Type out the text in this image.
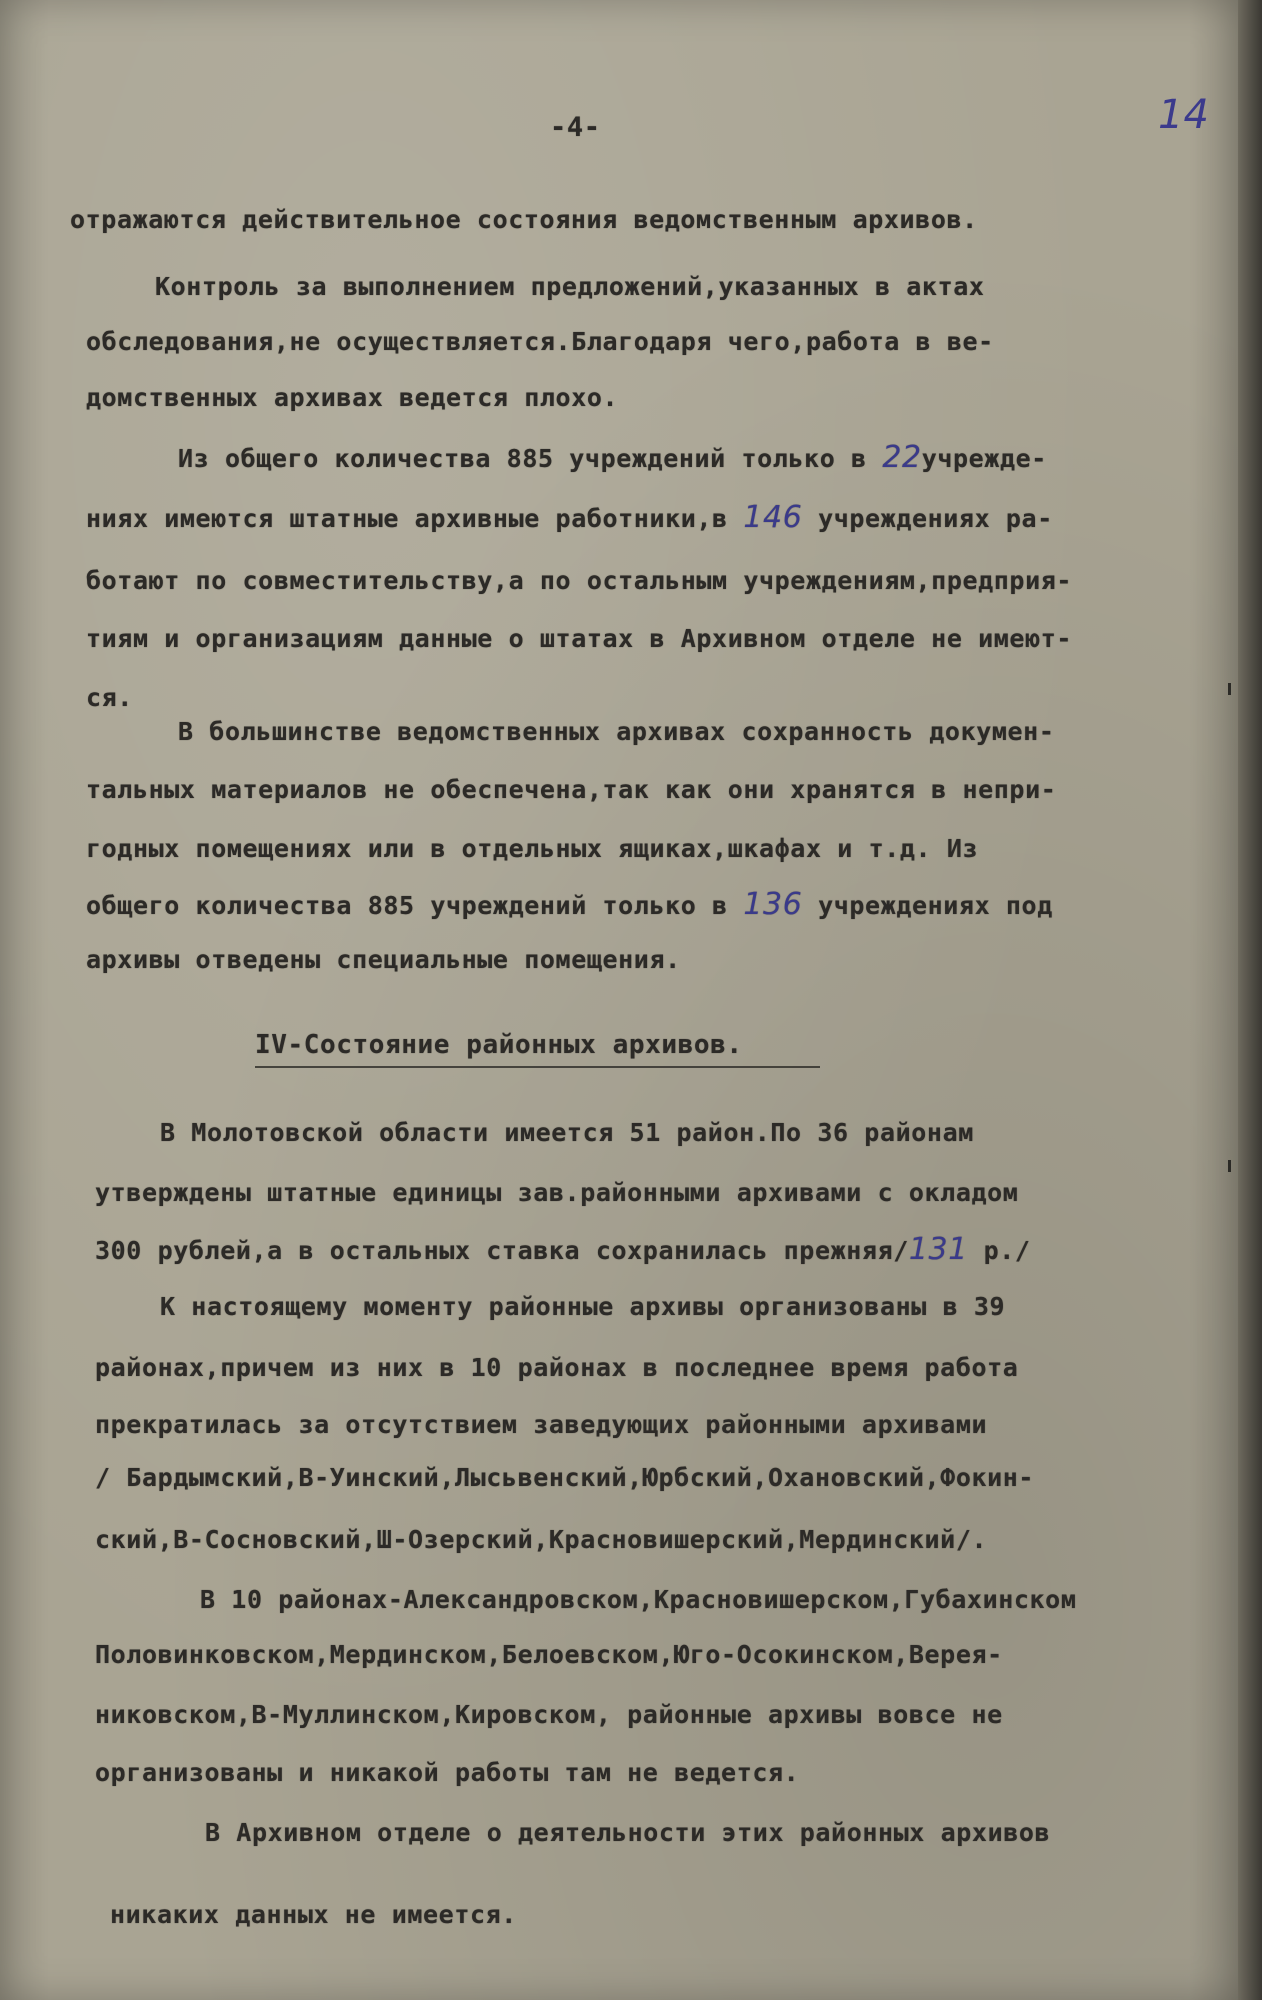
-4-	14
отражаются действительное состояния ведомственным архивов.
Контроль за выполнением предложений,указанных в актах
обследования,не осуществляется.Благодаря чего,работа в ве-
домственных архивах ведется плохо.
Из общего количества 885 учреждений только в 22учрежде-
ниях имеются штатные архивные работники,в 146 учреждениях ра-
ботают по совместительству,а по остальным учреждениям,предприя-
тиям и организациям данные о штатах в Архивном отделе не имеют-
ся.
В большинстве ведомственных архивах сохранность докумен-
тальных материалов не обеспечена,так как они хранятся в непри-
годных помещениях или в отдельных ящиках,шкафах и т.д. Из
общего количества 885 учреждений только в 136 учреждениях под
архивы отведены специальные помещения.
IV-Состояние районных архивов.
В Молотовской области имеется 51 район.По 36 районам
утверждены штатные единицы зав.районными архивами с окладом
300 рублей,а в остальных ставка сохранилась прежняя/131 р./
К настоящему моменту районные архивы организованы в 39
районах,причем из них в 10 районах в последнее время работа
прекратилась за отсутствием заведующих районными архивами
/ Бардымский,В-Уинский,Лысьвенский,Юрбский,Охановский,Фокин-
ский,В-Сосновский,Ш-Озерский,Красновишерский,Мердинский/.
В 10 районах-Александровском,Красновишерском,Губахинском
Половинковском,Мердинском,Белоевском,Юго-Осокинском,Верея-
никовском,В-Муллинском,Кировском, районные архивы вовсе не
организованы и никакой работы там не ведется.
В Архивном отделе о деятельности этих районных архивов
никаких данных не имеется.
